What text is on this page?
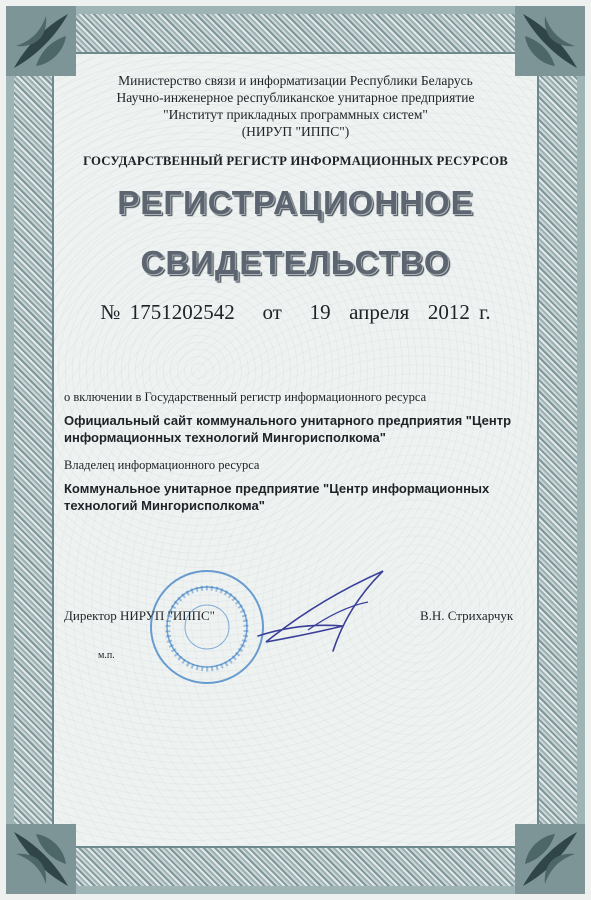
Министерство связи и информатизации Республики Беларусь
Научно-инженерное республиканское унитарное предприятие
"Институт прикладных программных систем"
(НИРУП "ИППС")
ГОСУДАРСТВЕННЫЙ РЕГИСТР ИНФОРМАЦИОННЫХ РЕСУРСОВ
РЕГИСТРАЦИОННОЕ
СВИДЕТЕЛЬСТВО
№ 1751202542   от   19  апреля  2012 г.
о включении в Государственный регистр информационного ресурса
Официальный сайт коммунального унитарного предприятия "Центр информационных технологий Мингорисполкома"
Владелец информационного ресурса
Коммунальное унитарное предприятие "Центр информационных технологий Мингорисполкома"
Директор НИРУП "ИППС"	В.Н. Стрихарчук
м.п.
